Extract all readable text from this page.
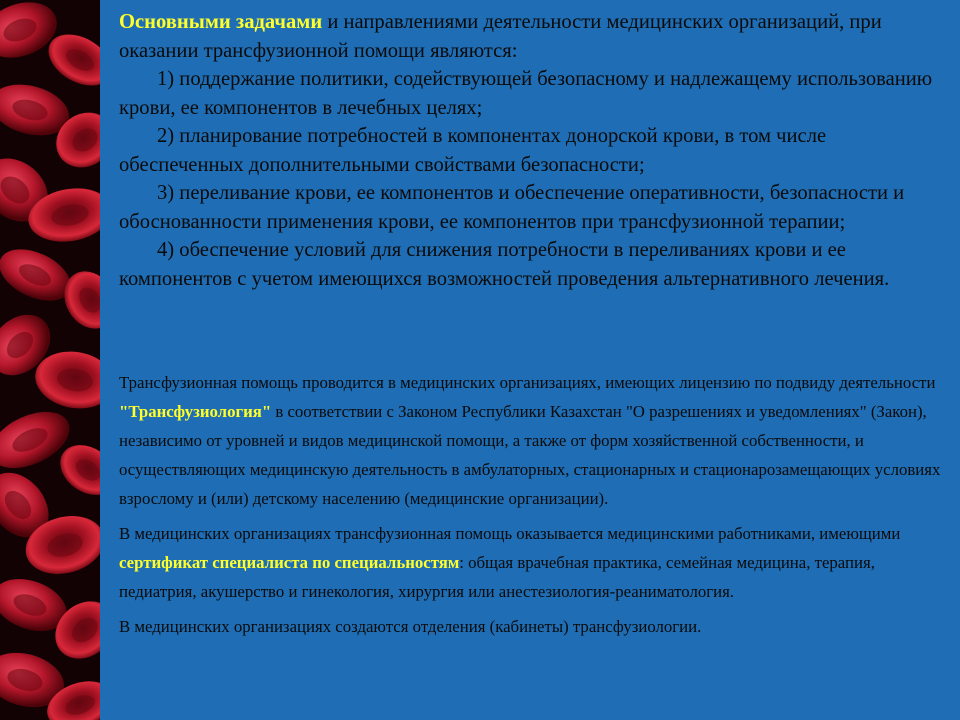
Основными задачами и направлениями деятельности медицинских организаций, при оказании трансфузионной помощи являются:

1) поддержание политики, содействующей безопасному и надлежащему использованию крови, ее компонентов в лечебных целях;

2) планирование потребностей в компонентах донорской крови, в том числе обеспеченных дополнительными свойствами безопасности;

3) переливание крови, ее компонентов и обеспечение оперативности, безопасности и обоснованности применения крови, ее компонентов при трансфузионной терапии;

4) обеспечение условий для снижения потребности в переливаниях крови и ее компонентов с учетом имеющихся возможностей проведения альтернативного лечения.

Трансфузионная помощь проводится в медицинских организациях, имеющих лицензию по подвиду деятельности "Трансфузиология" в соответствии с Законом Республики Казахстан "О разрешениях и уведомлениях" (Закон), независимо от уровней и видов медицинской помощи, а также от форм хозяйственной собственности, и осуществляющих медицинскую деятельность в амбулаторных, стационарных и стационарозамещающих условиях взрослому и (или) детскому населению (медицинские организации).

В медицинских организациях трансфузионная помощь оказывается медицинскими работниками, имеющими сертификат специалиста по специальностям: общая врачебная практика, семейная медицина, терапия, педиатрия, акушерство и гинекология, хирургия или анестезиология-реаниматология.

В медицинских организациях создаются отделения (кабинеты) трансфузиологии.
